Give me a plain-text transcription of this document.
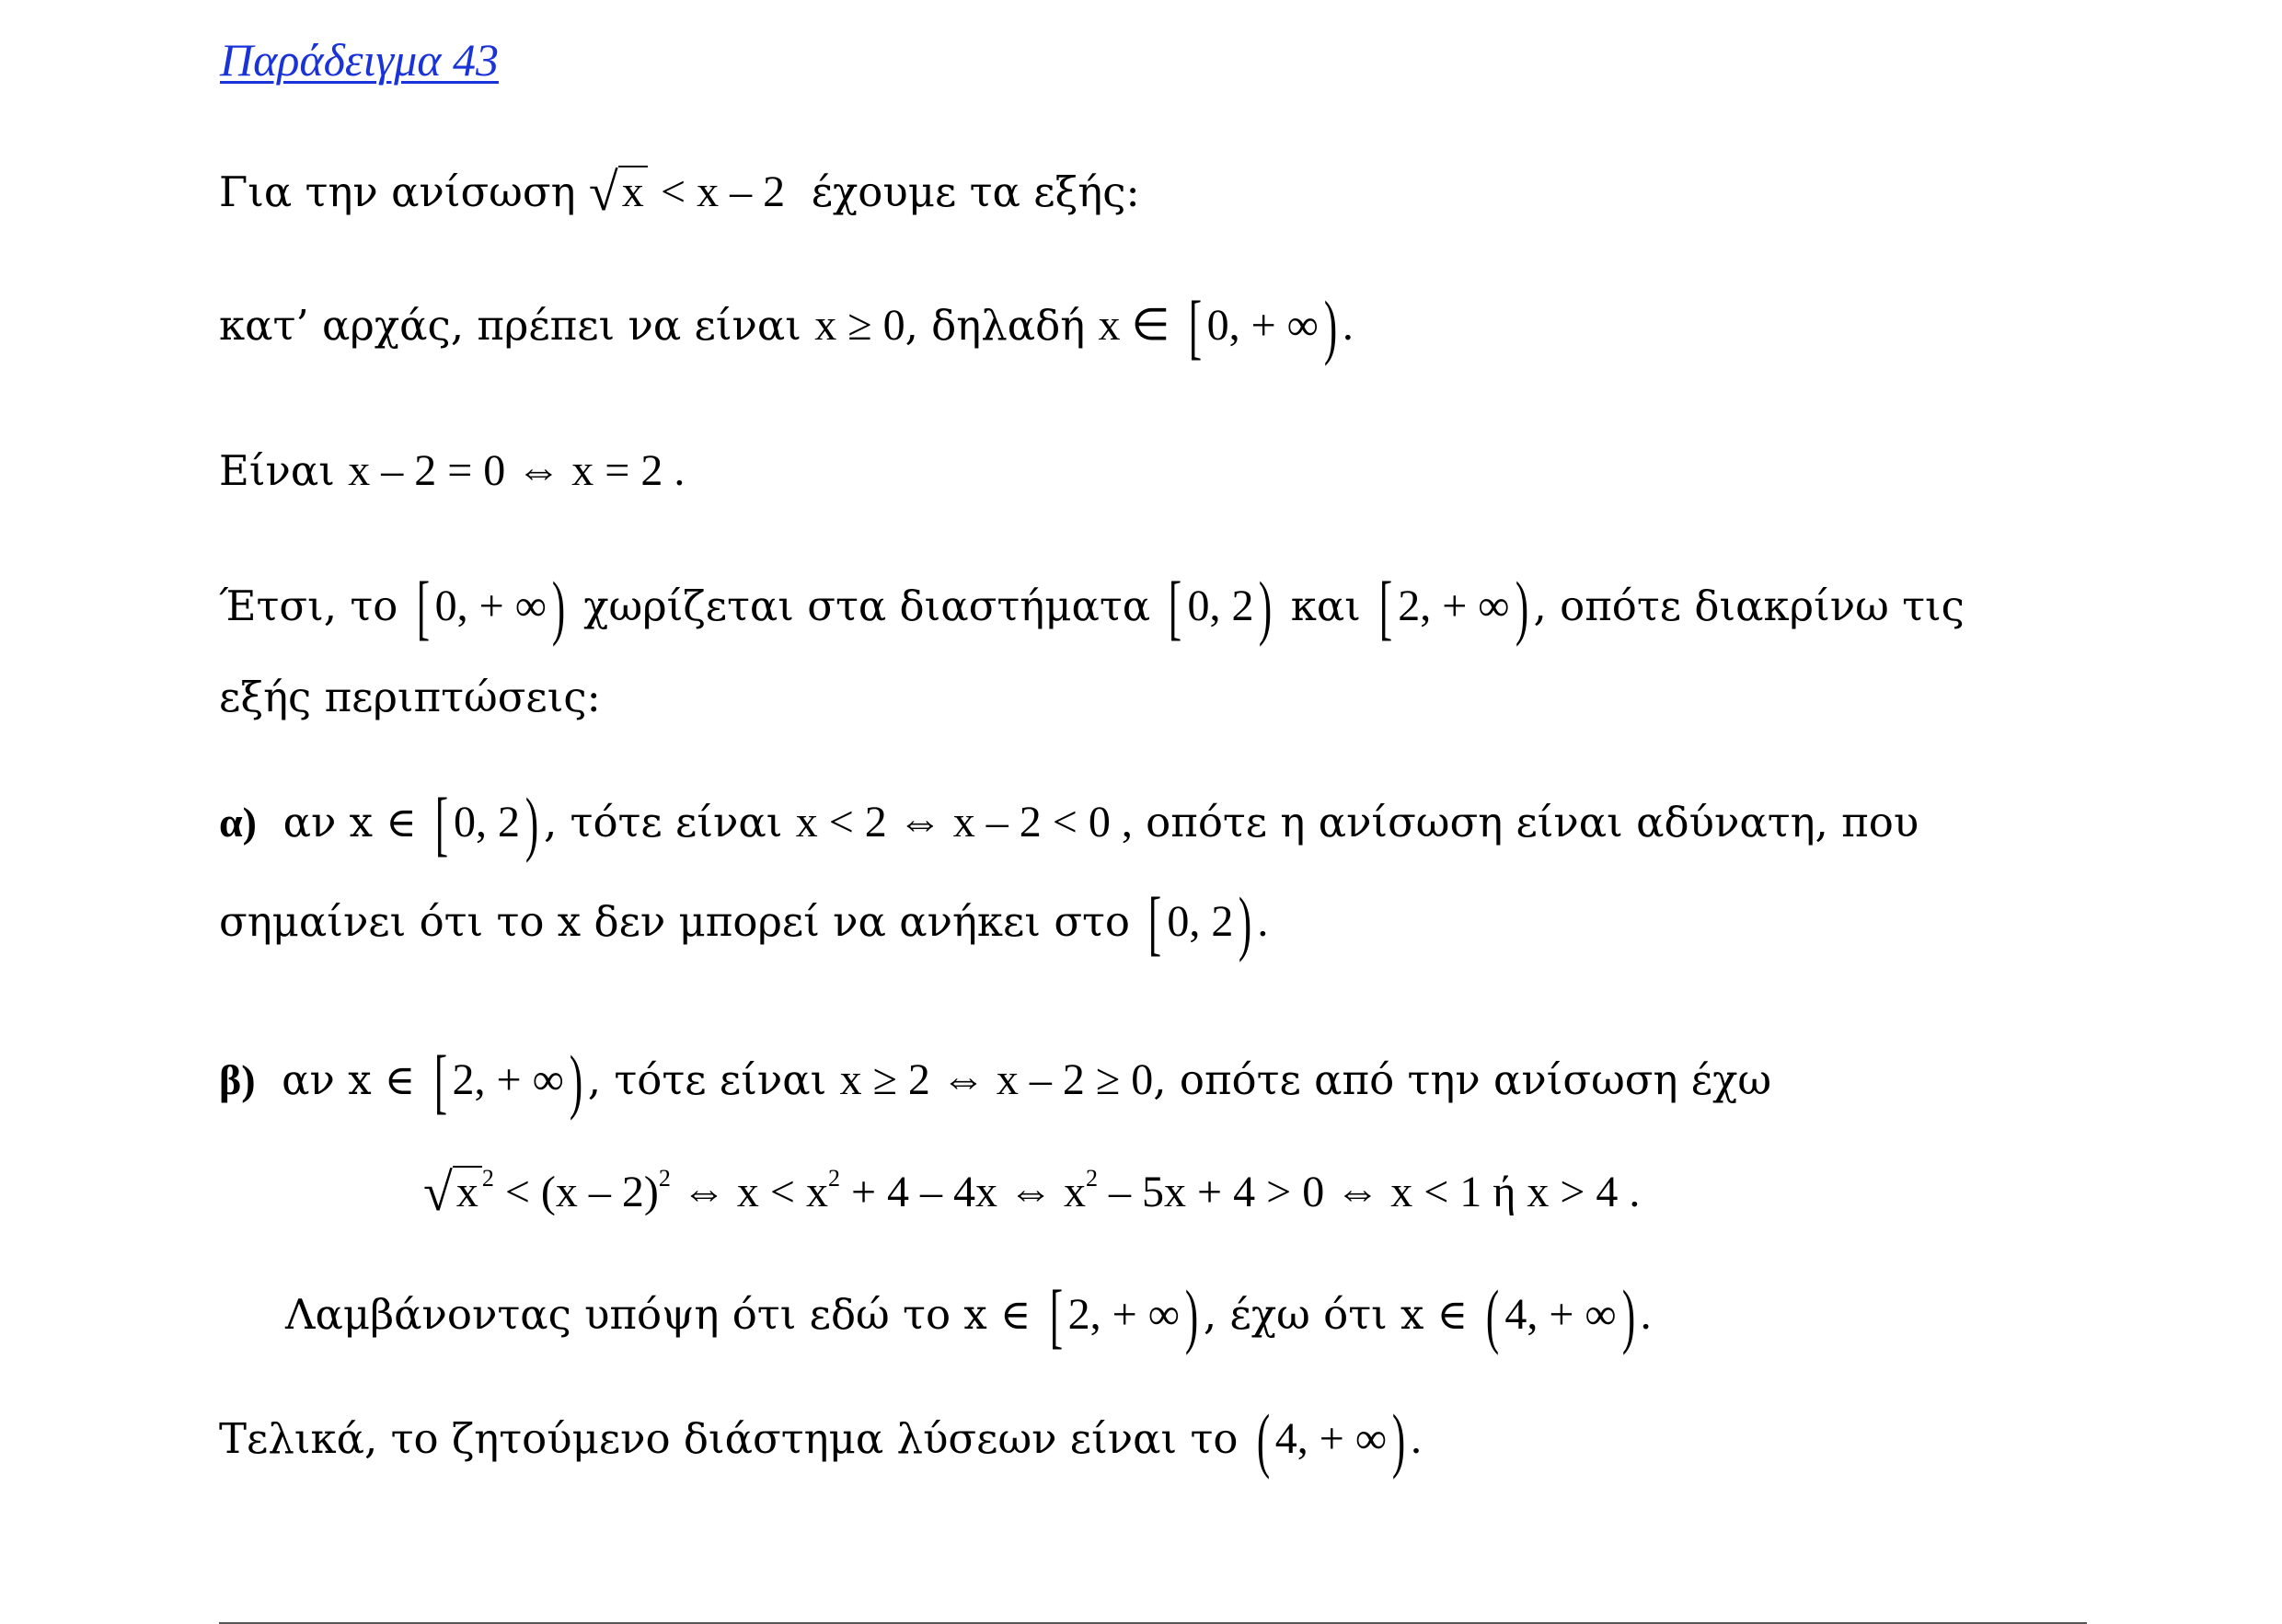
Παράδειγμα 43
Για την ανίσωση √x < x – 2 έχουμε τα εξής:
κατ’ αρχάς, πρέπει να είναι x ≥ 0, δηλαδή x ∈ [ 0, + ∞) .
Είναι x – 2 = 0 ⇔ x = 2 .
Έτσι, το [ 0, + ∞) χωρίζεται στα διαστήματα [ 0, 2) και [ 2, + ∞) , οπότε διακρίνω τις
εξής περιπτώσεις:
α) αν x ∈ [ 0, 2) , τότε είναι x < 2 ⇔ x – 2 < 0 , οπότε η ανίσωση είναι αδύνατη, που
σημαίνει ότι το x δεν μπορεί να ανήκει στο [ 0, 2) .
β) αν x ∈ [ 2, + ∞) , τότε είναι x ≥ 2 ⇔ x – 2 ≥ 0, οπότε από την ανίσωση έχω
√x $^2$ < (x – 2)$^2$ ⇔ $x < x^2 + 4 - 4x$ ⇔ $x^2 - 5x + 4 > 0$ ⇔ x < 1 ή x > 4 .
Λαμβάνοντας υπόψη ότι εδώ το x ∈ [ 2, + ∞) , έχω ότι x ∈ ( 4, + ∞) .
Τελικά, το ζητούμενο διάστημα λύσεων είναι το ( 4, + ∞) .
